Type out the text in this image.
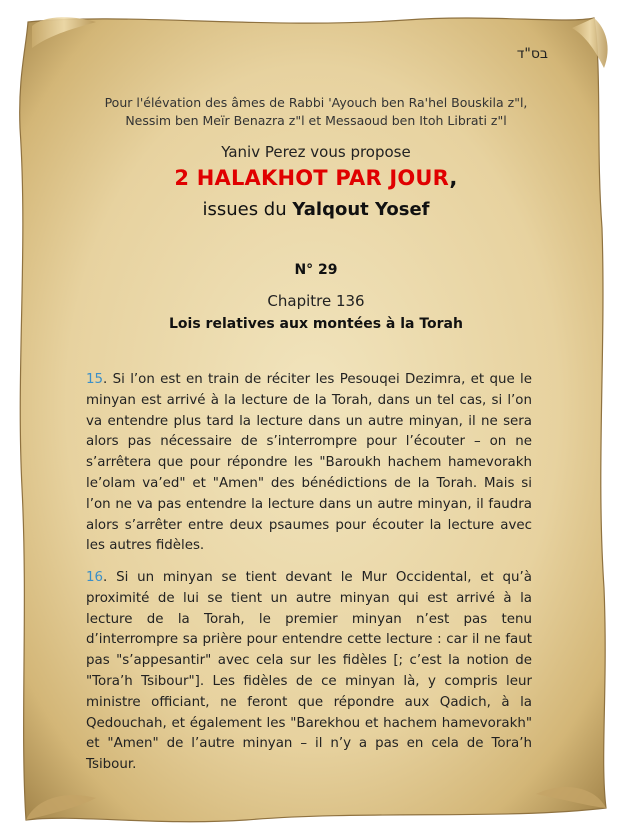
בס"ד
Pour l'élévation des âmes de Rabbi 'Ayouch ben Ra'hel Bouskila z"l,
Nessim ben Meïr Benazra z"l et Messaoud ben Itoh Librati z"l
Yaniv Perez vous propose
2 HALAKHOT PAR JOUR,
issues du Yalqout Yosef
N° 29
Chapitre 136
Lois relatives aux montées à la Torah

15. Si l’on est en train de réciter les Pesouqei Dezimra, et que le minyan est arrivé à la lecture de la Torah, dans un tel cas, si l’on va entendre plus tard la lecture dans un autre minyan, il ne sera alors pas nécessaire de s’interrompre pour l’écouter – on ne s’arrêtera que pour répondre les "Baroukh hachem hamevorakh le’olam va’ed" et "Amen" des bénédictions de la Torah. Mais si l’on ne va pas entendre la lecture dans un autre minyan, il faudra alors s’arrêter entre deux psaumes pour écouter la lecture avec les autres fidèles.

16. Si un minyan se tient devant le Mur Occidental, et qu’à proximité de lui se tient un autre minyan qui est arrivé à la lecture de la Torah, le premier minyan n’est pas tenu d’interrompre sa prière pour entendre cette lecture : car il ne faut pas "s’appesantir" avec cela sur les fidèles [; c’est la notion de "Tora’h Tsibour"]. Les fidèles de ce minyan là, y compris leur ministre officiant, ne feront que répondre aux Qadich, à la Qedouchah, et également les "Barekhou et hachem hamevorakh" et "Amen" de l’autre minyan – il n’y a pas en cela de Tora’h Tsibour.
